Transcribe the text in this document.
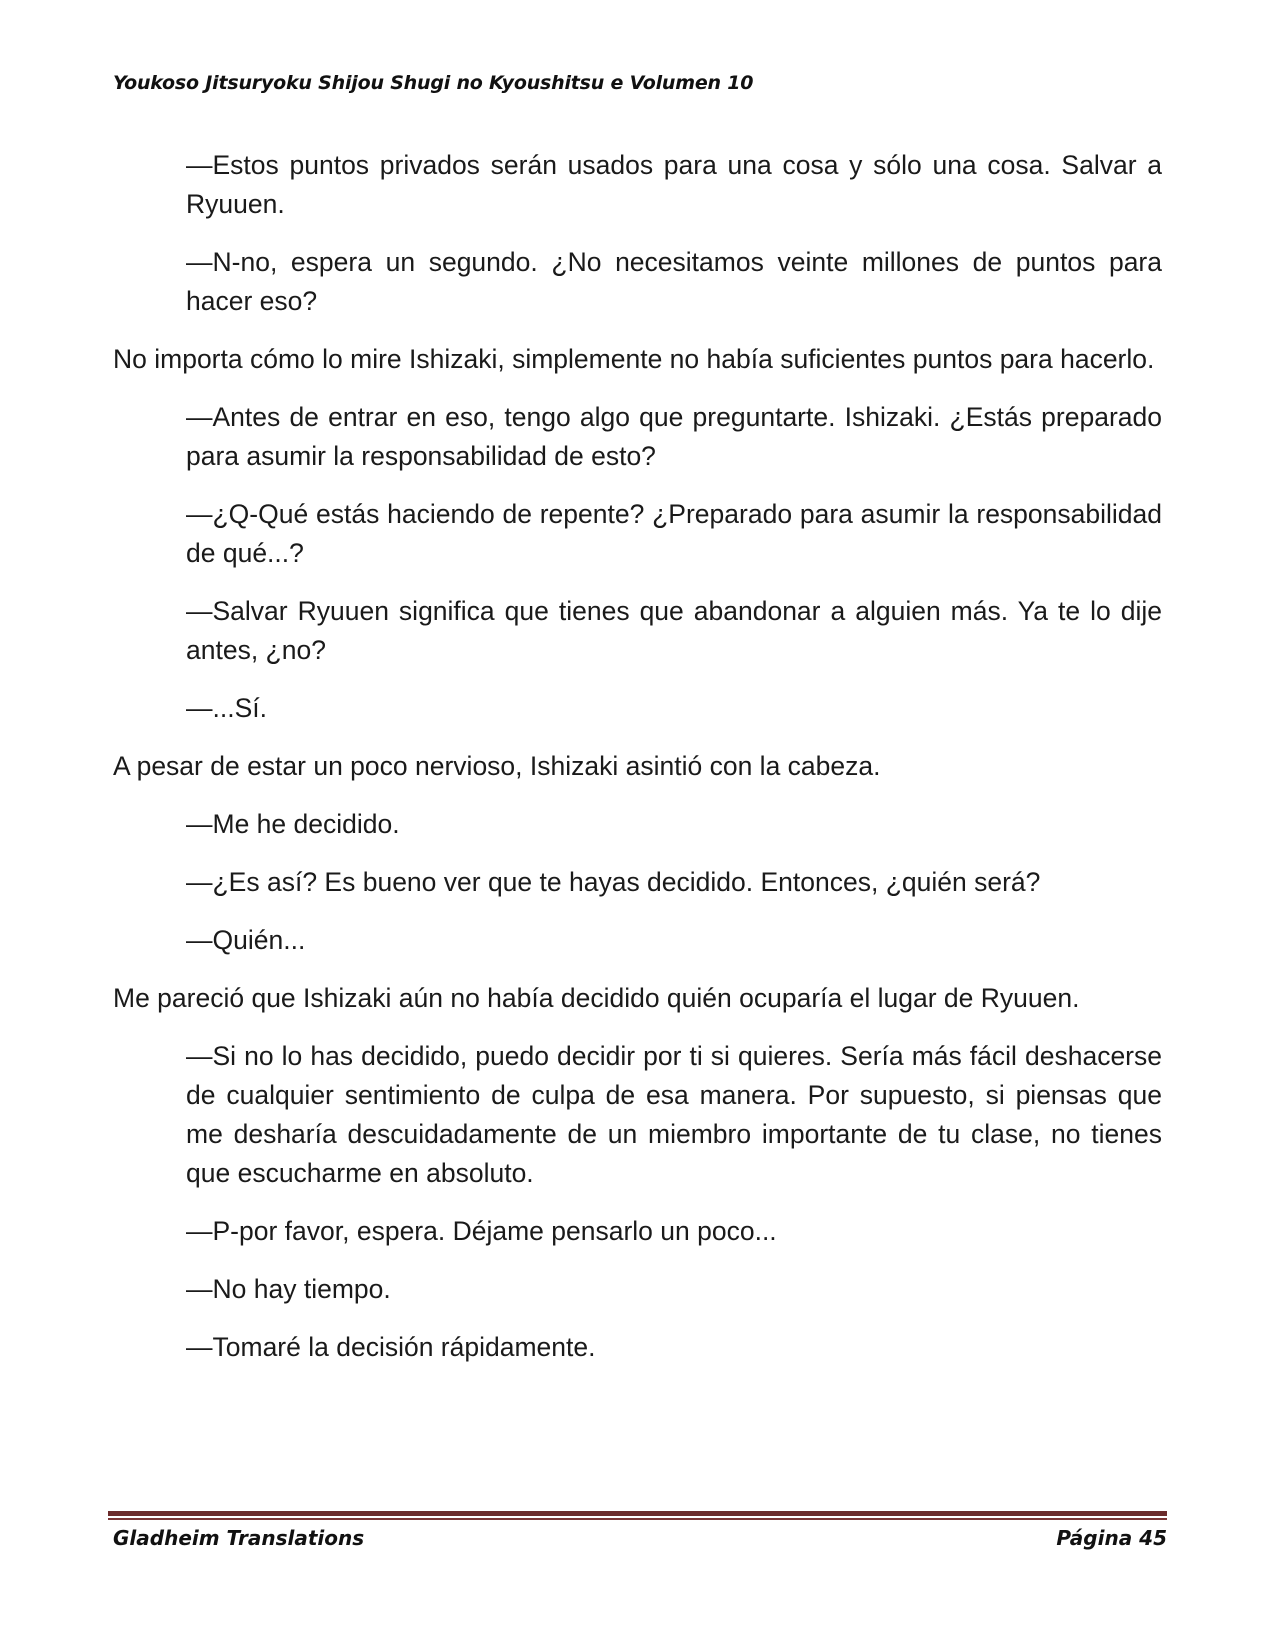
Youkoso Jitsuryoku Shijou Shugi no Kyoushitsu e Volumen 10

—Estos puntos privados serán usados para una cosa y sólo una cosa. Salvar a Ryuuen.

—N-no, espera un segundo. ¿No necesitamos veinte millones de puntos para hacer eso?

No importa cómo lo mire Ishizaki, simplemente no había suficientes puntos para hacerlo.

—Antes de entrar en eso, tengo algo que preguntarte. Ishizaki. ¿Estás preparado para asumir la responsabilidad de esto?

—¿Q-Qué estás haciendo de repente? ¿Preparado para asumir la responsabilidad de qué...?

—Salvar Ryuuen significa que tienes que abandonar a alguien más. Ya te lo dije antes, ¿no?

—...Sí.

A pesar de estar un poco nervioso, Ishizaki asintió con la cabeza.

—Me he decidido.

—¿Es así? Es bueno ver que te hayas decidido. Entonces, ¿quién será?

—Quién...

Me pareció que Ishizaki aún no había decidido quién ocuparía el lugar de Ryuuen.

—Si no lo has decidido, puedo decidir por ti si quieres. Sería más fácil deshacerse de cualquier sentimiento de culpa de esa manera. Por supuesto, si piensas que me desharía descuidadamente de un miembro importante de tu clase, no tienes que escucharme en absoluto.

—P-por favor, espera. Déjame pensarlo un poco...

—No hay tiempo.

—Tomaré la decisión rápidamente.

Gladheim Translations	Página 45
